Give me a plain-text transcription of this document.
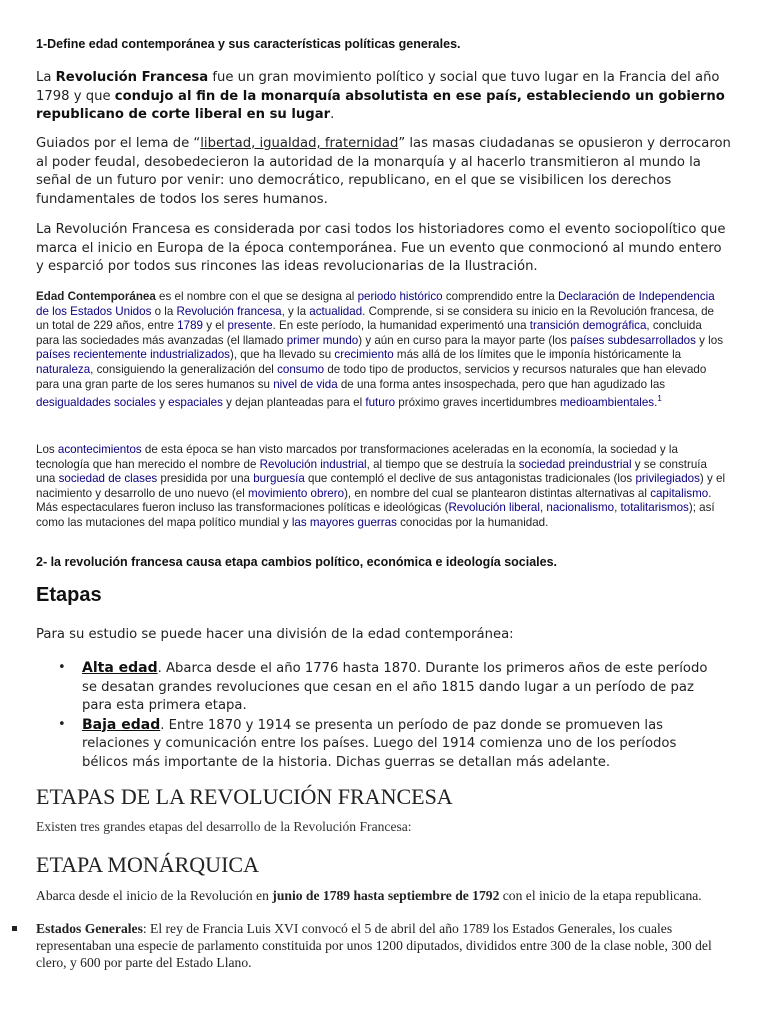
1-Define edad contemporánea y sus características políticas generales.
La Revolución Francesa fue un gran movimiento político y social que tuvo lugar en la Francia del año 1798 y que condujo al fin de la monarquía absolutista en ese país, estableciendo un gobierno republicano de corte liberal en su lugar.
Guiados por el lema de “libertad, igualdad, fraternidad” las masas ciudadanas se opusieron y derrocaron al poder feudal, desobedecieron la autoridad de la monarquía y al hacerlo transmitieron al mundo la señal de un futuro por venir: uno democrático, republicano, en el que se visibilicen los derechos fundamentales de todos los seres humanos.
La Revolución Francesa es considerada por casi todos los historiadores como el evento sociopolítico que marca el inicio en Europa de la época contemporánea. Fue un evento que conmocionó al mundo entero y esparció por todos sus rincones las ideas revolucionarias de la Ilustración.
Edad Contemporánea es el nombre con el que se designa al periodo histórico comprendido entre la Declaración de Independencia de los Estados Unidos o la Revolución francesa, y la actualidad. Comprende, si se considera su inicio en la Revolución francesa, de un total de 229 años, entre 1789 y el presente. En este período, la humanidad experimentó una transición demográfica, concluida para las sociedades más avanzadas (el llamado primer mundo) y aún en curso para la mayor parte (los países subdesarrollados y los países recientemente industrializados), que ha llevado su crecimiento más allá de los límites que le imponía históricamente la naturaleza, consiguiendo la generalización del consumo de todo tipo de productos, servicios y recursos naturales que han elevado para una gran parte de los seres humanos su nivel de vida de una forma antes insospechada, pero que han agudizado las desigualdades sociales y espaciales y dejan planteadas para el futuro próximo graves incertidumbres medioambientales.$^1$
Los acontecimientos de esta época se han visto marcados por transformaciones aceleradas en la economía, la sociedad y la tecnología que han merecido el nombre de Revolución industrial, al tiempo que se destruía la sociedad preindustrial y se construía una sociedad de clases presidida por una burguesía que contempló el declive de sus antagonistas tradicionales (los privilegiados) y el nacimiento y desarrollo de uno nuevo (el movimiento obrero), en nombre del cual se plantearon distintas alternativas al capitalismo. Más espectaculares fueron incluso las transformaciones políticas e ideológicas (Revolución liberal, nacionalismo, totalitarismos); así como las mutaciones del mapa político mundial y las mayores guerras conocidas por la humanidad.
2- la revolución francesa causa etapa cambios político, económica e ideología sociales.
Etapas
Para su estudio se puede hacer una división de la edad contemporánea:
• Alta edad. Abarca desde el año 1776 hasta 1870. Durante los primeros años de este período se desatan grandes revoluciones que cesan en el año 1815 dando lugar a un período de paz para esta primera etapa.
• Baja edad. Entre 1870 y 1914 se presenta un período de paz donde se promueven las relaciones y comunicación entre los países. Luego del 1914 comienza uno de los períodos bélicos más importante de la historia. Dichas guerras se detallan más adelante.
ETAPAS DE LA REVOLUCIÓN FRANCESA
Existen tres grandes etapas del desarrollo de la Revolución Francesa:
ETAPA MONÁRQUICA
Abarca desde el inicio de la Revolución en junio de 1789 hasta septiembre de 1792 con el inicio de la etapa republicana.
Estados Generales: El rey de Francia Luis XVI convocó el 5 de abril del año 1789 los Estados Generales, los cuales representaban una especie de parlamento constituida por unos 1200 diputados, divididos entre 300 de la clase noble, 300 del clero, y 600 por parte del Estado Llano.
